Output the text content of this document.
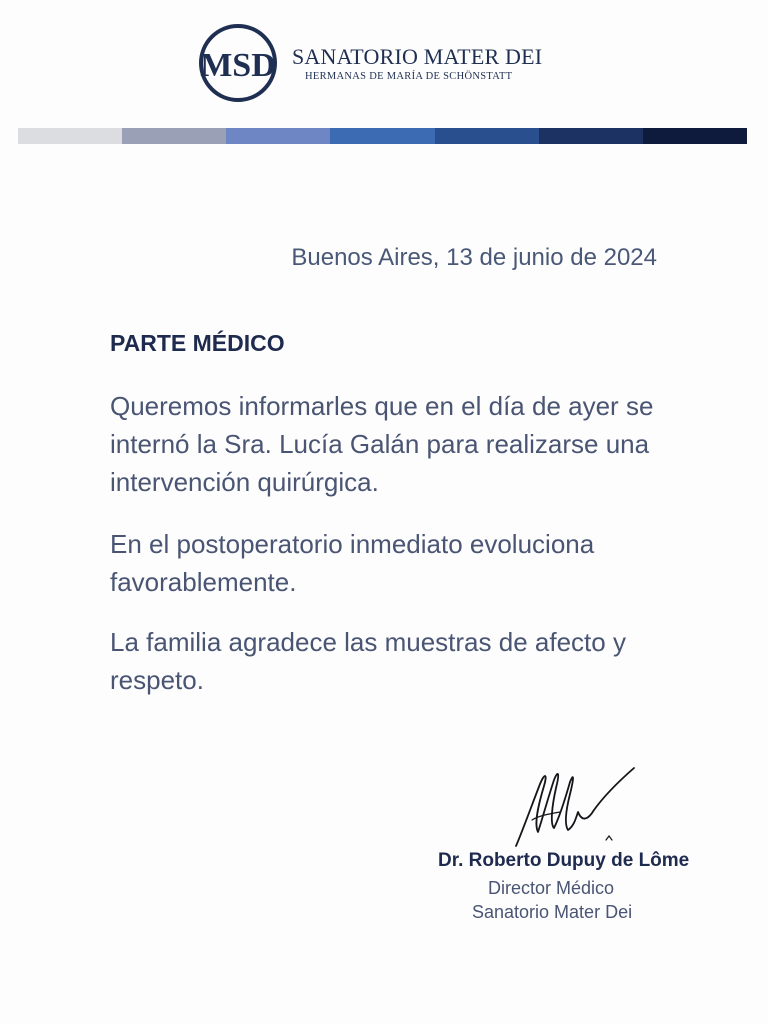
MSD SANATORIO MATER DEI
HERMANAS DE MARÍA DE SCHÖNSTATT
Buenos Aires, 13 de junio de 2024
PARTE MÉDICO
Queremos informarles que en el día de ayer se internó la Sra. Lucía Galán para realizarse una intervención quirúrgica.
En el postoperatorio inmediato evoluciona favorablemente.
La familia agradece las muestras de afecto y respeto.
Dr. Roberto Dupuy de Lôme
Director Médico
Sanatorio Mater Dei
